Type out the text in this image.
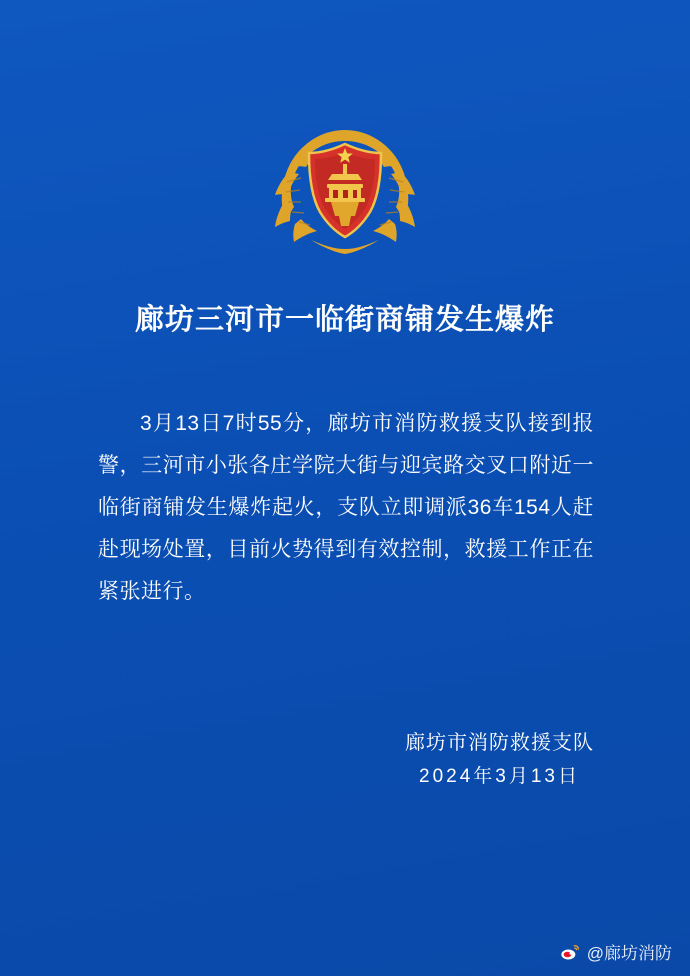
廊坊三河市一临街商铺发生爆炸

3月13日7时55分，廊坊市消防救援支队接到报警，三河市小张各庄学院大街与迎宾路交叉口附近一临街商铺发生爆炸起火，支队立即调派36车154人赶赴现场处置，目前火势得到有效控制，救援工作正在紧张进行。

廊坊市消防救援支队
2024年3月13日
@廊坊消防
